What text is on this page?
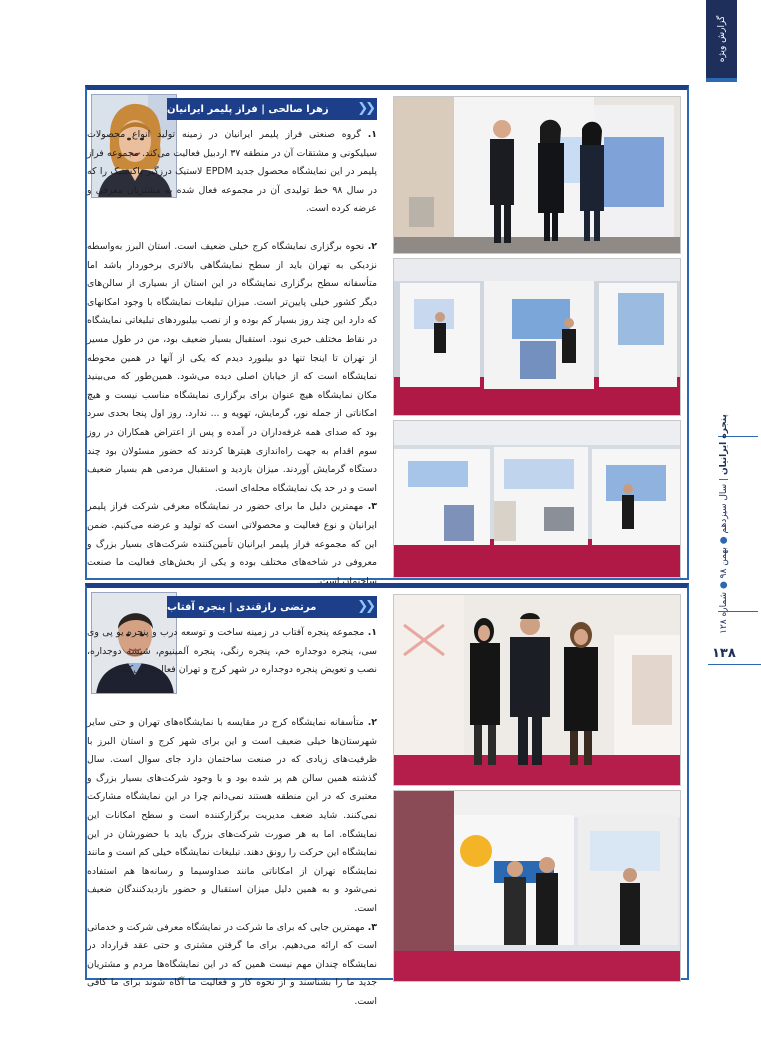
گزارش ویژه
پنجره ایرانیان | سال سیزدهم ● بهمن ۹۸ ● شماره ۱۲۸
۱۳۸
زهرا صالحی | فراز پلیمر ایرانیان	❮❮

۱. گروه صنعتی فراز پلیمر ایرانیان در زمینه تولید انواع محصولات سیلیکونی و مشتقات آن در منطقه ۳۷ اردبیل فعالیت می‌کند. مجموعه فراز پلیمر در این نمایشگاه محصول جدید EPDM لاستیک درزگیر پاکستیک را که در سال ۹۸ خط تولیدی آن در مجموعه فعال شده به مشتریان معرفی و عرضه کرده است.

۲. نحوه برگزاری نمایشگاه کرج خیلی ضعیف است. استان البرز به‌واسطه نزدیکی به تهران باید از سطح نمایشگاهی بالاتری برخوردار باشد اما متأسفانه سطح برگزاری نمایشگاه در این استان از بسیاری از سالن‌های دیگر کشور خیلی پایین‌تر است. میزان تبلیغات نمایشگاه با وجود امکانهای که دارد این چند روز بسیار کم بوده و از نصب بیلبوردهای تبلیغاتی نمایشگاه در نقاط مختلف خبری نبود. استقبال بسیار ضعیف بود، من در طول مسیر از تهران تا اینجا تنها دو بیلبورد دیدم که یکی از آنها در همین محوطه نمایشگاه است که از خیابان اصلی دیده می‌شود. همین‌طور که می‌بینید مکان نمایشگاه هیچ عنوان برای برگزاری نمایشگاه مناسب نیست و هیچ امکاناتی از جمله نور، گرمایش، تهویه و ... ندارد. روز اول پنجا بحدی سرد بود که صدای همه غرفه‌داران در آمده و پس از اعتراض همکاران در روز سوم اقدام به جهت راه‌اندازی هیترها کردند که حضور مسئولان بود چند دستگاه گرمایش آوردند. میزان بازدید و استقبال مردمی هم بسیار ضعیف است و در حد یک نمایشگاه محله‌ای است.

۳. مهمترین دلیل ما برای حضور در نمایشگاه معرفی شرکت فراز پلیمر ایرانیان و نوع فعالیت و محصولاتی است که تولید و عرضه می‌کنیم. ضمن این که مجموعه فراز پلیمر ایرانیان تأمین‌کننده شرکت‌های بسیار بزرگ و معروفی در شاخه‌های مختلف بوده و یکی از بخش‌های فعالیت ما صنعت ساختمان است.

مرتضی رازقندی | پنجره آفتاب	❮❮

۱. مجموعه پنجره آفتاب در زمینه ساخت و توسعه درب و پنجره یو پی وی سی، پنجره دوجداره خم، پنجره رنگی، پنجره آلمینیوم، شیشه دوجداره، نصب و تعویض پنجره دوجداره در شهر کرج و تهران فعالیت می‌کند.

۲. متأسفانه نمایشگاه کرج در مقایسه با نمایشگاه‌های تهران و حتی سایر شهرستان‌ها خیلی ضعیف است و این برای شهر کرج و استان البرز با ظرفیت‌های زیادی که در صنعت ساختمان دارد جای سوال است. سال گذشته همین سالن هم پر شده بود و با وجود شرکت‌های بسیار بزرگ و معتبری که در این منطقه هستند نمی‌دانم چرا در این نمایشگاه مشارکت نمی‌کنند. شاید ضعف مدیریت برگزارکننده است و سطح امکانات این نمایشگاه. اما به هر صورت شرکت‌های بزرگ باید با حضورشان در این نمایشگاه این حرکت را رونق دهند. تبلیغات نمایشگاه خیلی کم است و مانند نمایشگاه تهران از امکاناتی مانند صداوسیما و رسانه‌ها هم استفاده نمی‌شود و به همین دلیل میزان استقبال و حضور بازدیدکنندگان ضعیف است.

۳. مهمترین جایی که برای ما شرکت در نمایشگاه معرفی شرکت و خدماتی است که ارائه می‌دهیم. برای ما گرفتن مشتری و حتی عقد قرارداد در نمایشگاه چندان مهم نیست همین که در این نمایشگاه‌ها مردم و مشتریان جدید ما را بشناسند و از نحوه کار و فعالیت ما آگاه شوند برای ما کافی است.
